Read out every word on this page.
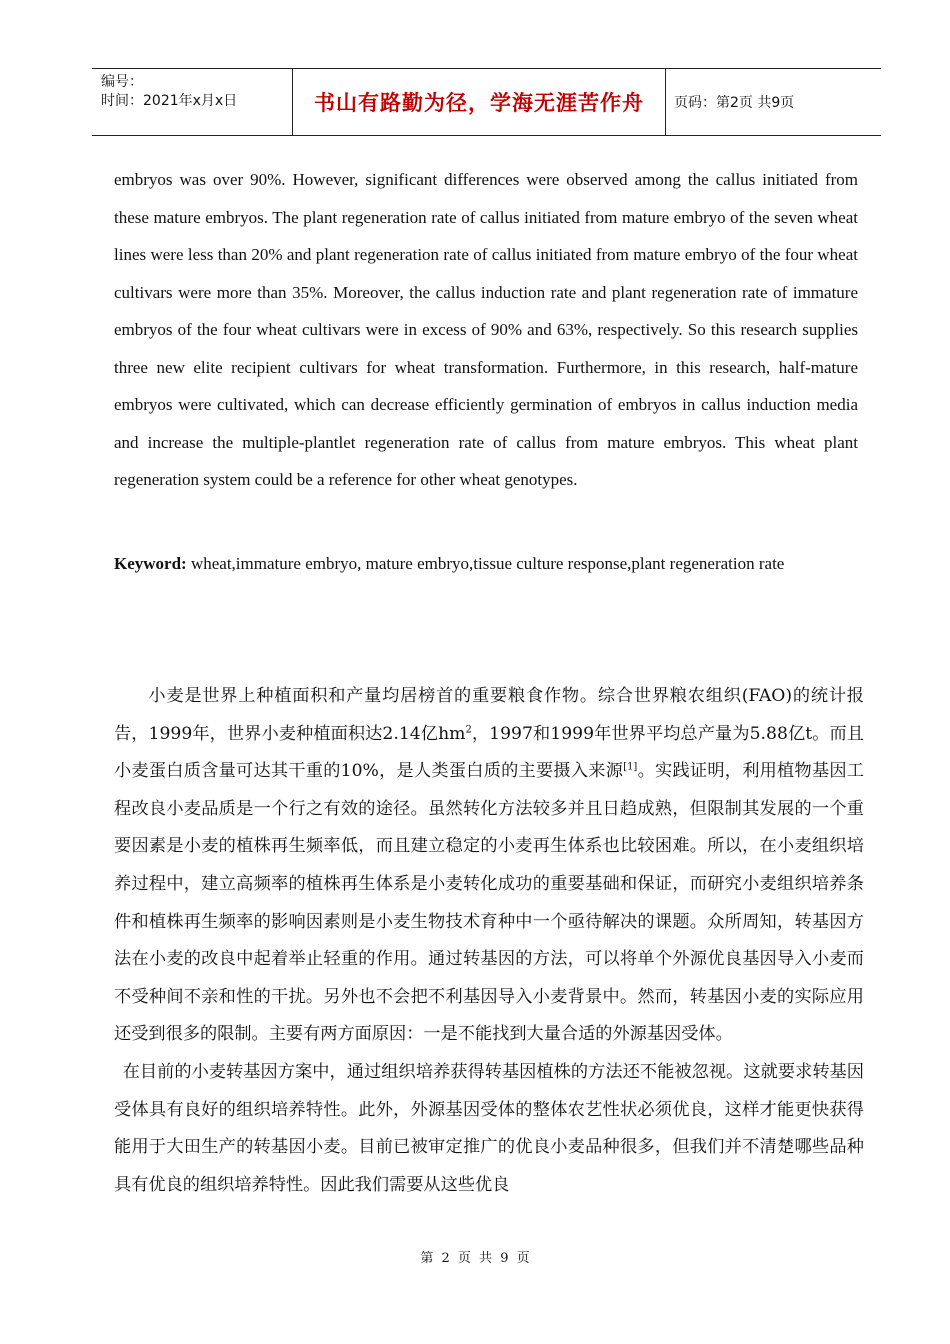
编号：
时间：2021年x月x日	书山有路勤为径，学海无涯苦作舟 页码：第2页 共9页

embryos was over 90%. However, significant differences were observed among the callus initiated from these mature embryos. The plant regeneration rate of callus initiated from mature embryo of the seven wheat lines were less than 20% and plant regeneration rate of callus initiated from mature embryo of the four wheat cultivars were more than 35%. Moreover, the callus induction rate and plant regeneration rate of immature embryos of the four wheat cultivars were in excess of 90% and 63%, respectively. So this research supplies three new elite recipient cultivars for wheat transformation. Furthermore, in this research, half-mature embryos were cultivated, which can decrease efficiently germination of embryos in callus induction media and increase the multiple-plantlet regeneration rate of callus from mature embryos. This wheat plant regeneration system could be a reference for other wheat genotypes.

Keyword: wheat,immature embryo, mature embryo,tissue culture response,plant regeneration rate

小麦是世界上种植面积和产量均居榜首的重要粮食作物。综合世界粮农组织(FAO)的统计报告，1999年，世界小麦种植面积达2.14亿$hm^2$，1997和1999年世界平均总产量为5.88亿t。而且小麦蛋白质含量可达其干重的10%，是人类蛋白质的主要摄入来源[1]。实践证明，利用植物基因工程改良小麦品质是一个行之有效的途径。虽然转化方法较多并且日趋成熟，但限制其发展的一个重要因素是小麦的植株再生频率低，而且建立稳定的小麦再生体系也比较困难。所以，在小麦组织培养过程中，建立高频率的植株再生体系是小麦转化成功的重要基础和保证，而研究小麦组织培养条件和植株再生频率的影响因素则是小麦生物技术育种中一个亟待解决的课题。众所周知，转基因方法在小麦的改良中起着举止轻重的作用。通过转基因的方法，可以将单个外源优良基因导入小麦而不受种间不亲和性的干扰。另外也不会把不利基因导入小麦背景中。然而，转基因小麦的实际应用还受到很多的限制。主要有两方面原因：一是不能找到大量合适的外源基因受体。

在目前的小麦转基因方案中，通过组织培养获得转基因植株的方法还不能被忽视。这就要求转基因受体具有良好的组织培养特性。此外，外源基因受体的整体农艺性状必须优良，这样才能更快获得能用于大田生产的转基因小麦。目前已被审定推广的优良小麦品种很多，但我们并不清楚哪些品种具有优良的组织培养特性。因此我们需要从这些优良

第 2 页 共 9 页
